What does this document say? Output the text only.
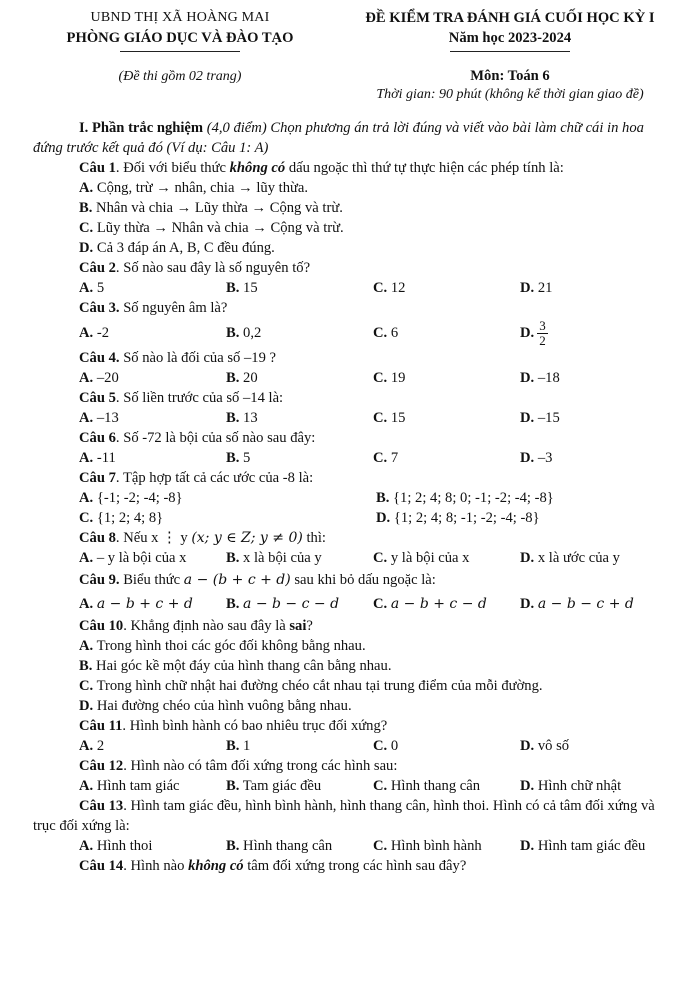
UBND THỊ XÃ HOÀNG MAI
PHÒNG GIÁO DỤC VÀ ĐÀO TẠO
(Đề thi gồm 02 trang)
ĐỀ KIỂM TRA ĐÁNH GIÁ CUỐI HỌC KỲ I
Năm học 2023-2024
Môn: Toán 6
Thời gian: 90 phút (không kể thời gian giao đề)

I. Phần trắc nghiệm (4,0 điểm) Chọn phương án trả lời đúng và viết vào bài làm chữ cái in hoa đứng trước kết quả đó (Ví dụ: Câu 1: A)

Câu 1. Đối với biểu thức không có dấu ngoặc thì thứ tự thực hiện các phép tính là:

A. Cộng, trừ → nhân, chia → lũy thừa.

B. Nhân và chia → Lũy thừa → Cộng và trừ.

C. Lũy thừa → Nhân và chia → Cộng và trừ.

D. Cả 3 đáp án A, B, C đều đúng.

Câu 2. Số nào sau đây là số nguyên tố?

A. 5	B. 15	C. 12	D. 21

Câu 3. Số nguyên âm là?

A. -2	B. 0,2	C. 6	D. $\frac{3}{2}$

Câu 4. Số nào là đối của số –19 ?

A. –20	B. 20	C. 19	D. –18

Câu 5. Số liền trước của số –14 là:

A. –13	B. 13	C. 15	D. –15

Câu 6. Số -72 là bội của số nào sau đây:

A. -11	B. 5	C. 7	D. –3

Câu 7. Tập hợp tất cả các ước của -8 là:

A. {-1; -2; -4; -8}	B. {1; 2; 4; 8; 0; -1; -2; -4; -8}
C. {1; 2; 4; 8}	D. {1; 2; 4; 8; -1; -2; -4; -8}

Câu 8. Nếu x ⋮ y (x; y ∈ Z; y ≠ 0) thì:

A. – y là bội của x	B. x là bội của y	C. y là bội của x	D. x là ước của y

Câu 9. Biểu thức a − (b + c + d) sau khi bỏ dấu ngoặc là:

A. a − b + c + d	B. a − b − c − d	C. a − b + c − d	D. a − b − c + d

Câu 10. Khẳng định nào sau đây là sai?

A. Trong hình thoi các góc đối không bằng nhau.

B. Hai góc kề một đáy của hình thang cân bằng nhau.

C. Trong hình chữ nhật hai đường chéo cắt nhau tại trung điểm của mỗi đường.

D. Hai đường chéo của hình vuông bằng nhau.

Câu 11. Hình bình hành có bao nhiêu trục đối xứng?

A. 2	B. 1	C. 0	D. vô số

Câu 12. Hình nào có tâm đối xứng trong các hình sau:

A. Hình tam giác	B. Tam giác đều	C. Hình thang cân	D. Hình chữ nhật

Câu 13. Hình tam giác đều, hình bình hành, hình thang cân, hình thoi. Hình có cả tâm đối xứng và trục đối xứng là:

A. Hình thoi	B. Hình thang cân	C. Hình bình hành	D. Hình tam giác đều

Câu 14. Hình nào không có tâm đối xứng trong các hình sau đây?
